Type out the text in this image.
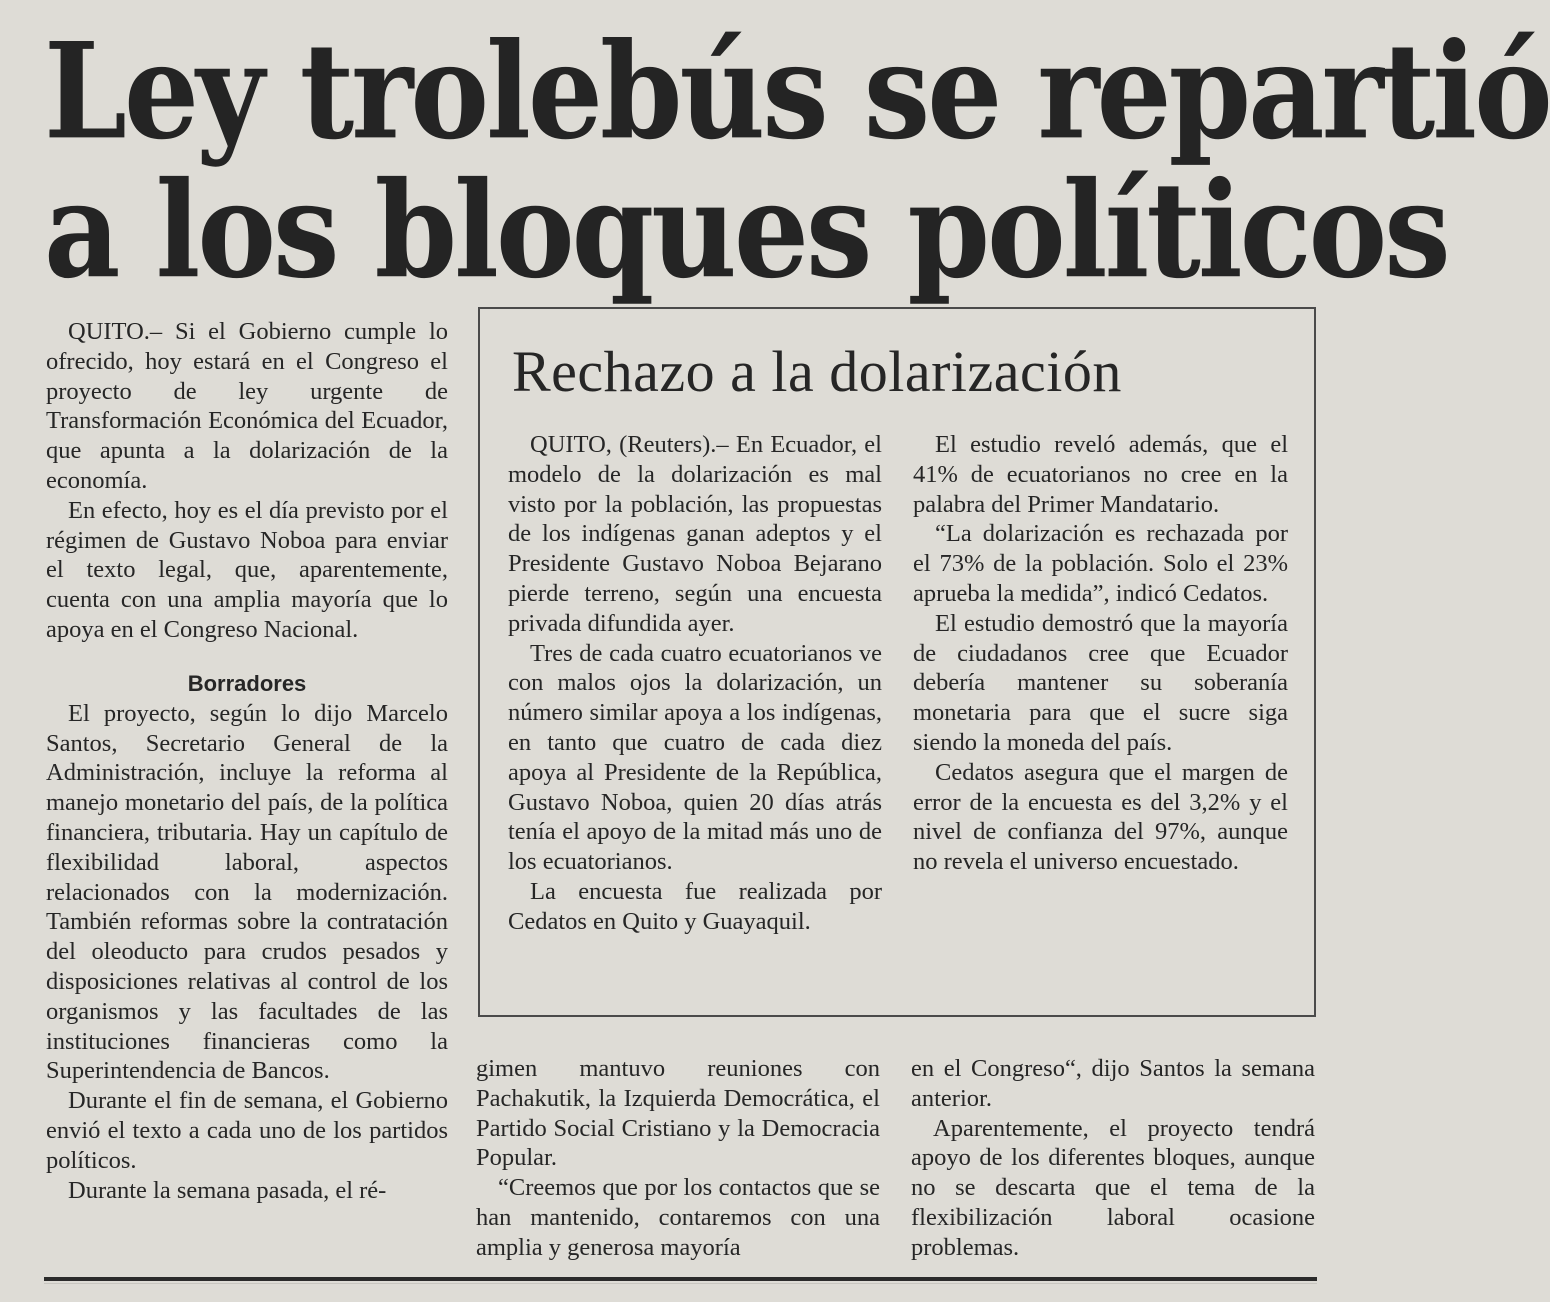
Ley trolebús se repartió
a los bloques políticos

QUITO.– Si el Gobierno cumple lo ofrecido, hoy estará en el Congreso el proyecto de ley urgente de Transformación Económica del Ecuador, que apunta a la dolarización de la economía.

En efecto, hoy es el día previsto por el régimen de Gustavo Noboa para enviar el texto legal, que, aparentemente, cuenta con una amplia mayoría que lo apoya en el Congreso Nacional.

Borradores

El proyecto, según lo dijo Marcelo Santos, Secretario General de la Administración, incluye la reforma al manejo monetario del país, de la política financiera, tributaria. Hay un capítulo de flexibilidad laboral, aspectos relacionados con la modernización. También reformas sobre la contratación del oleoducto para crudos pesados y disposiciones relativas al control de los organismos y las facultades de las instituciones financieras como la Superintendencia de Bancos.

Durante el fin de semana, el Gobierno envió el texto a cada uno de los partidos políticos.

Durante la semana pasada, el ré-

Rechazo a la dolarización

QUITO, (Reuters).– En Ecuador, el modelo de la dolarización es mal visto por la población, las propuestas de los indígenas ganan adeptos y el Presidente Gustavo Noboa Bejarano pierde terreno, según una encuesta privada difundida ayer.

Tres de cada cuatro ecuatorianos ve con malos ojos la dolarización, un número similar apoya a los indígenas, en tanto que cuatro de cada diez apoya al Presidente de la República, Gustavo Noboa, quien 20 días atrás tenía el apoyo de la mitad más uno de los ecuatorianos.

La encuesta fue realizada por Cedatos en Quito y Guayaquil.

El estudio reveló además, que el 41% de ecuatorianos no cree en la palabra del Primer Mandatario.

“La dolarización es rechazada por el 73% de la población. Solo el 23% aprueba la medida”, indicó Cedatos.

El estudio demostró que la mayoría de ciudadanos cree que Ecuador debería mantener su soberanía monetaria para que el sucre siga siendo la moneda del país.

Cedatos asegura que el margen de error de la encuesta es del 3,2% y el nivel de confianza del 97%, aunque no revela el universo encuestado.

gimen mantuvo reuniones con Pachakutik, la Izquierda Democrática, el Partido Social Cristiano y la Democracia Popular.

“Creemos que por los contactos que se han mantenido, contaremos con una amplia y generosa mayoría

en el Congreso“, dijo Santos la semana anterior.

Aparentemente, el proyecto tendrá apoyo de los diferentes bloques, aunque no se descarta que el tema de la flexibilización laboral ocasione problemas.
